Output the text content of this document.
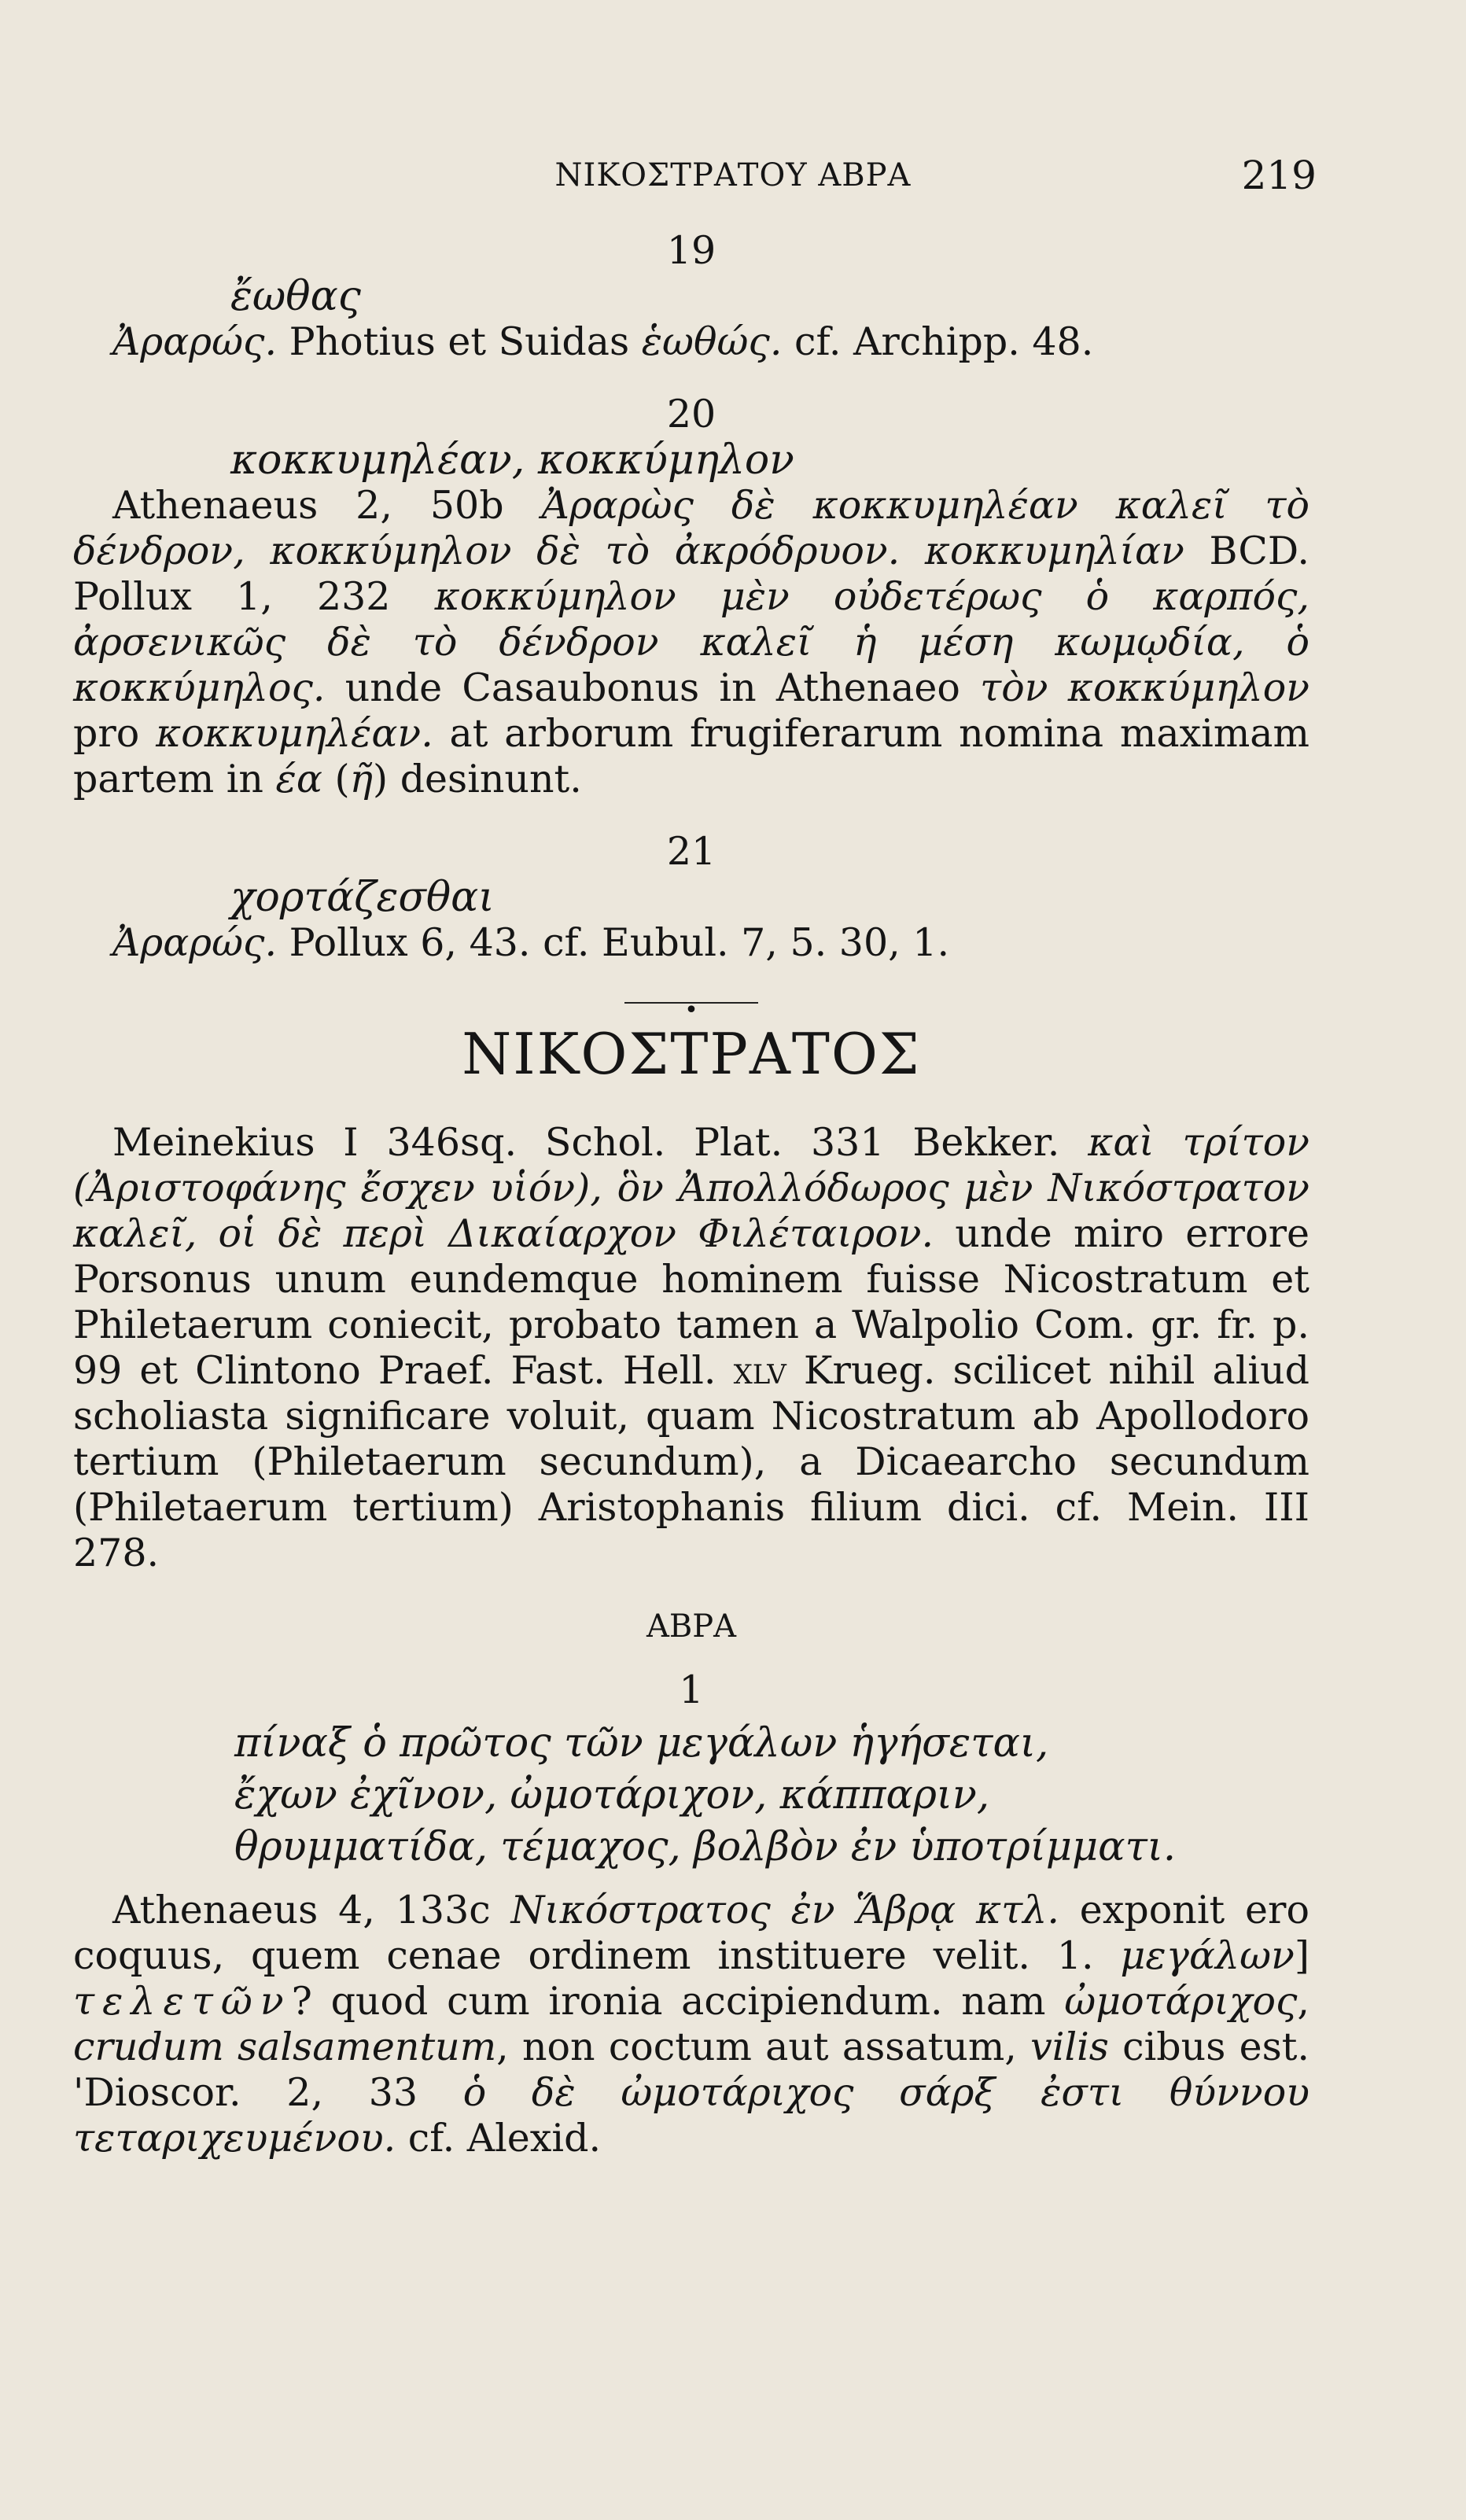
ΝΙΚΟΣΤΡΑΤΟΥ ΑΒΡΑ	219
19
ἔωθας

Ἀραρώς. Photius et Suidas ἑωθώς. cf. Archipp. 48.

20
κοκκυμηλέαν, κοκκύμηλον

Athenaeus 2, 50b Ἀραρὼς δὲ κοκκυμηλέαν καλεῖ τὸ δένδρον, κοκκύμηλον δὲ τὸ ἀκρόδρυον. κοκκυμηλίαν BCD. Pollux 1, 232 κοκκύμηλον μὲν οὐδετέρως ὁ καρπός, ἀρσενικῶς δὲ τὸ δένδρον καλεῖ ἡ μέση κωμῳδία, ὁ κοκκύμηλος. unde Casaubonus in Athenaeo τὸν κοκκύμηλον pro κοκκυμηλέαν. at arborum frugiferarum nomina maximam partem in έα (ῆ) desinunt.

21
χορτάζεσθαι

Ἀραρώς. Pollux 6, 43. cf. Eubul. 7, 5. 30, 1.

•
ΝΙΚΟΣΤΡΑΤΟΣ

Meinekius I 346sq. Schol. Plat. 331 Bekker. καὶ τρίτον (Ἀριστοφάνης ἔσχεν υἱόν), ὃν Ἀπολλόδωρος μὲν Νικόστρατον καλεῖ, οἱ δὲ περὶ Δικαίαρχον Φιλέταιρον. unde miro errore Porsonus unum eundemque hominem fuisse Nicostratum et Philetaerum coniecit, probato tamen a Walpolio Com. gr. fr. p. 99 et Clintono Praef. Fast. Hell. xlv Krueg. scilicet nihil aliud scholiasta significare voluit, quam Nicostratum ab Apollodoro tertium (Philetaerum secundum), a Dicaearcho secundum (Philetaerum tertium) Aristophanis filium dici. cf. Mein. III 278.

ΑΒΡΑ
1
πίναξ ὁ πρῶτος τῶν μεγάλων ἡγήσεται,
ἔχων ἐχῖνον, ὠμοτάριχον, κάππαριν,
θρυμματίδα, τέμαχος, βολβὸν ἐν ὑποτρίμματι.

Athenaeus 4, 133c Νικόστρατος ἐν Ἅβρᾳ κτλ. exponit ero coquus, quem cenae ordinem instituere velit. 1. μεγάλων] τελετῶν? quod cum ironia accipiendum. nam ὠμοτάριχος, crudum salsamentum, non coctum aut assatum, vilis cibus est. 'Dioscor. 2, 33 ὁ δὲ ὠμοτάριχος σάρξ ἐστι θύννου τεταριχευμένου. cf. Alexid.
